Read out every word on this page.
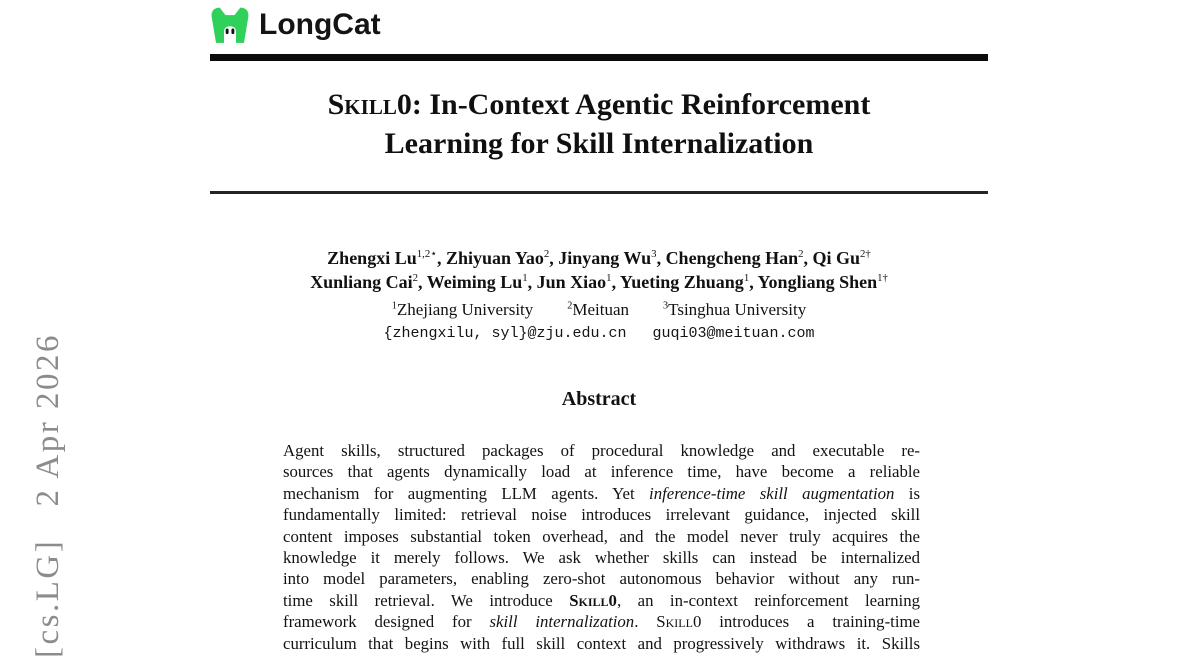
[cs.LG]   2 Apr 2026
LongCat
Skill0: In-Context Agentic Reinforcement
Learning for Skill Internalization
Zhengxi $Lu^{1,2⋆}$, Zhiyuan Yao$^2$, Jinyang Wu$^3$, Chengcheng Han$^2$, Qi $Gu^{2\dagger}$
Xunliang Cai$^2$, Weiming Lu$^1$, Jun Xiao$^1$, Yueting Zhuang$^1$, Yongliang Shen$^{1\dagger}$
$^1$Zhejiang University	$^2$Meituan	$^3$Tsinghua University
{zhengxilu, syl}@zju.edu.cn guqi03@meituan.com
Abstract
Agent skills, structured packages of procedural knowledge and executable re-
sources that agents dynamically load at inference time, have become a reliable
mechanism for augmenting LLM agents. Yet inference-time skill augmentation is
fundamentally limited: retrieval noise introduces irrelevant guidance, injected skill
content imposes substantial token overhead, and the model never truly acquires the
knowledge it merely follows. We ask whether skills can instead be internalized
into model parameters, enabling zero-shot autonomous behavior without any run-
time skill retrieval. We introduce Skill0, an in-context reinforcement learning
framework designed for skill internalization. Skill0 introduces a training-time
curriculum that begins with full skill context and progressively withdraws it. Skills
